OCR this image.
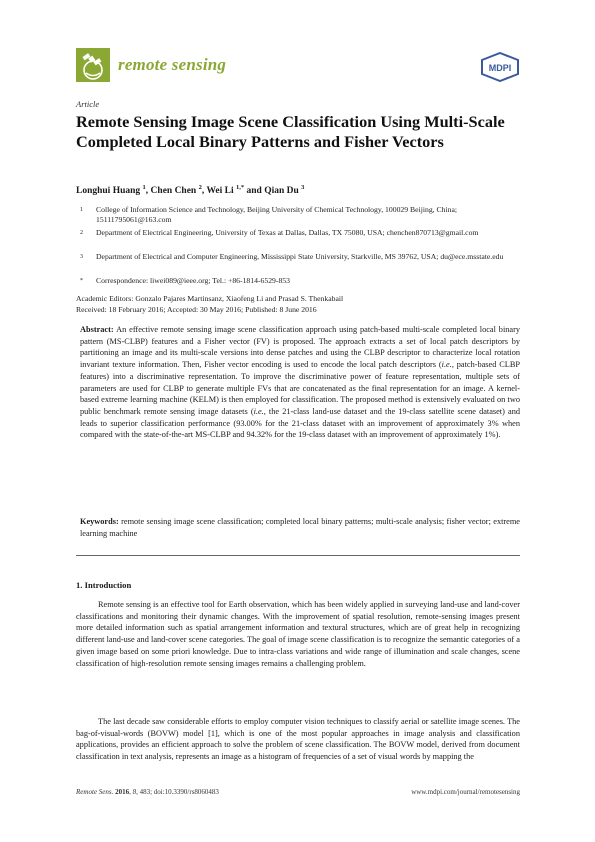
remote sensing	MDPI
Article
Remote Sensing Image Scene Classification Using Multi-Scale Completed Local Binary Patterns and Fisher Vectors
Longhui Huang $^1$, Chen Chen $^2$, Wei Li $^{1,*}$ and Qian Du $^3$
1 College of Information Science and Technology, Beijing University of Chemical Technology, 100029 Beijing, China; 15111795061@163.com
2 Department of Electrical Engineering, University of Texas at Dallas, Dallas, TX 75080, USA; chenchen870713@gmail.com
3 Department of Electrical and Computer Engineering, Mississippi State University, Starkville, MS 39762, USA; du@ece.msstate.edu
* Correspondence: liwei089@ieee.org; Tel.: +86-1814-6529-853
Academic Editors: Gonzalo Pajares Martinsanz, Xiaofeng Li and Prasad S. Thenkabail
Received: 18 February 2016; Accepted: 30 May 2016; Published: 8 June 2016
Abstract: An effective remote sensing image scene classification approach using patch-based multi-scale completed local binary pattern (MS-CLBP) features and a Fisher vector (FV) is proposed. The approach extracts a set of local patch descriptors by partitioning an image and its multi-scale versions into dense patches and using the CLBP descriptor to characterize local rotation invariant texture information. Then, Fisher vector encoding is used to encode the local patch descriptors (i.e., patch-based CLBP features) into a discriminative representation. To improve the discriminative power of feature representation, multiple sets of parameters are used for CLBP to generate multiple FVs that are concatenated as the final representation for an image. A kernel-based extreme learning machine (KELM) is then employed for classification. The proposed method is extensively evaluated on two public benchmark remote sensing image datasets (i.e., the 21-class land-use dataset and the 19-class satellite scene dataset) and leads to superior classification performance (93.00% for the 21-class dataset with an improvement of approximately 3% when compared with the state-of-the-art MS-CLBP and 94.32% for the 19-class dataset with an improvement of approximately 1%).
Keywords: remote sensing image scene classification; completed local binary patterns; multi-scale analysis; fisher vector; extreme learning machine
1. Introduction
Remote sensing is an effective tool for Earth observation, which has been widely applied in surveying land-use and land-cover classifications and monitoring their dynamic changes. With the improvement of spatial resolution, remote-sensing images present more detailed information such as spatial arrangement information and textural structures, which are of great help in recognizing different land-use and land-cover scene categories. The goal of image scene classification is to recognize the semantic categories of a given image based on some priori knowledge. Due to intra-class variations and wide range of illumination and scale changes, scene classification of high-resolution remote sensing images remains a challenging problem.
The last decade saw considerable efforts to employ computer vision techniques to classify aerial or satellite image scenes. The bag-of-visual-words (BOVW) model [1], which is one of the most popular approaches in image analysis and classification applications, provides an efficient approach to solve the problem of scene classification. The BOVW model, derived from document classification in text analysis, represents an image as a histogram of frequencies of a set of visual words by mapping the
Remote Sens. 2016, 8, 483; doi:10.3390/rs8060483	www.mdpi.com/journal/remotesensing
